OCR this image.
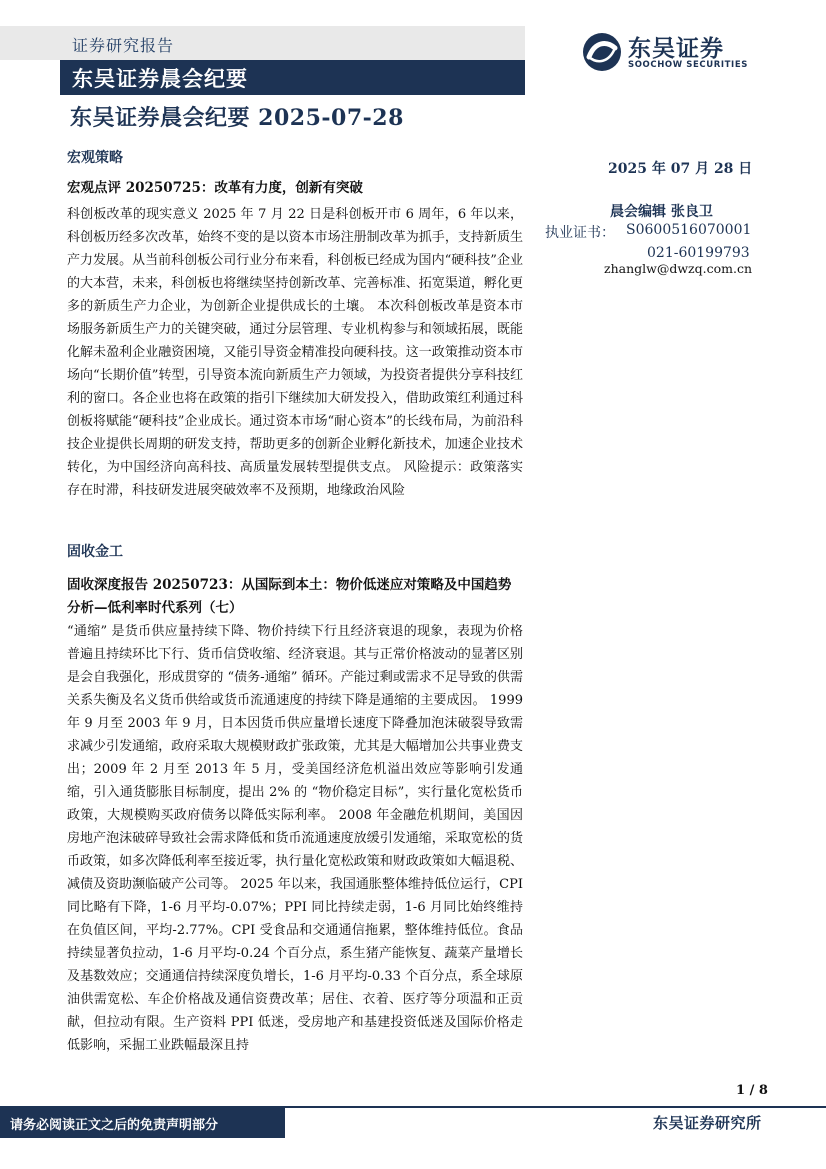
证券研究报告
东吴证券晨会纪要
东吴证券晨会纪要 2025-07-28
东吴证券
SOOCHOW SECURITIES
2025 年 07 月 28 日
晨会编辑 张良卫
执业证书： S0600516070001
021-60199793
zhanglw@dwzq.com.cn
宏观策略
宏观点评 20250725：改革有力度，创新有突破

科创板改革的现实意义 2025 年 7 月 22 日是科创板开市 6 周年，6 年以来，科创板历经多次改革，始终不变的是以资本市场注册制改革为抓手，支持新质生产力发展。从当前科创板公司行业分布来看，科创板已经成为国内“硬科技”企业的大本营，未来，科创板也将继续坚持创新改革、完善标准、拓宽渠道，孵化更多的新质生产力企业，为创新企业提供成长的土壤。 本次科创板改革是资本市场服务新质生产力的关键突破，通过分层管理、专业机构参与和领域拓展，既能化解未盈利企业融资困境，又能引导资金精准投向硬科技。这一政策推动资本市场向“长期价值”转型，引导资本流向新质生产力领域，为投资者提供分享科技红利的窗口。各企业也将在政策的指引下继续加大研发投入，借助政策红利通过科创板将赋能“硬科技”企业成长。通过资本市场“耐心资本”的长线布局，为前沿科技企业提供长周期的研发支持，帮助更多的创新企业孵化新技术，加速企业技术转化，为中国经济向高科技、高质量发展转型提供支点。 风险提示：政策落实存在时滞，科技研发进展突破效率不及预期，地缘政治风险

固收金工
固收深度报告 20250723：从国际到本土：物价低迷应对策略及中国趋势分析—低利率时代系列（七）

“通缩” 是货币供应量持续下降、物价持续下行且经济衰退的现象，表现为价格普遍且持续环比下行、货币信贷收缩、经济衰退。其与正常价格波动的显著区别是会自我强化，形成贯穿的 “债务-通缩” 循环。产能过剩或需求不足导致的供需关系失衡及名义货币供给或货币流通速度的持续下降是通缩的主要成因。 1999 年 9 月至 2003 年 9 月，日本因货币供应量增长速度下降叠加泡沫破裂导致需求减少引发通缩，政府采取大规模财政扩张政策，尤其是大幅增加公共事业费支出；2009 年 2 月至 2013 年 5 月，受美国经济危机溢出效应等影响引发通缩，引入通货膨胀目标制度，提出 2% 的 “物价稳定目标”，实行量化宽松货币政策，大规模购买政府债务以降低实际利率。 2008 年金融危机期间，美国因房地产泡沫破碎导致社会需求降低和货币流通速度放缓引发通缩，采取宽松的货币政策，如多次降低利率至接近零，执行量化宽松政策和财政政策如大幅退税、减债及资助濒临破产公司等。 2025 年以来，我国通胀整体维持低位运行，CPI 同比略有下降，1-6 月平均-0.07%；PPI 同比持续走弱，1-6 月同比始终维持在负值区间，平均-2.77%。CPI 受食品和交通通信拖累，整体维持低位。食品持续显著负拉动，1-6 月平均-0.24 个百分点，系生猪产能恢复、蔬菜产量增长及基数效应；交通通信持续深度负增长，1-6 月平均-0.33 个百分点，系全球原油供需宽松、车企价格战及通信资费改革；居住、衣着、医疗等分项温和正贡献，但拉动有限。生产资料 PPI 低迷，受房地产和基建投资低迷及国际价格走低影响，采掘工业跌幅最深且持

1 / 8
请务必阅读正文之后的免责声明部分	东吴证券研究所
